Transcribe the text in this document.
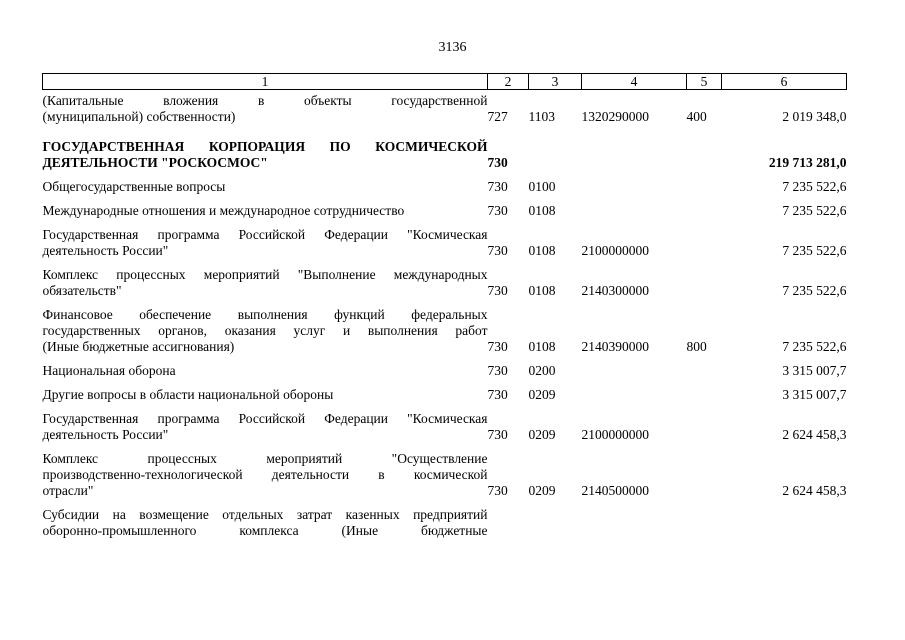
3136
1	2	3	4	5	6

(Капитальные вложения в объекты государственной
(муниципальной) собственности)	727	1103	1320290000	400	2 019 348,0

ГОСУДАРСТВЕННАЯ КОРПОРАЦИЯ ПО КОСМИЧЕСКОЙ
ДЕЯТЕЛЬНОСТИ "РОСКОСМОС"	730				219 713 281,0

Общегосударственные вопросы	730	0100			7 235 522,6

Международные отношения и международное сотрудничество	730	0108			7 235 522,6

Государственная программа Российской Федерации "Космическая
деятельность России"	730	0108	2100000000		7 235 522,6

Комплекс процессных мероприятий "Выполнение международных
обязательств"	730	0108	2140300000		7 235 522,6

Финансовое обеспечение выполнения функций федеральных
государственных органов, оказания услуг и выполнения работ
(Иные бюджетные ассигнования)	730	0108	2140390000	800	7 235 522,6

Национальная оборона	730	0200			3 315 007,7

Другие вопросы в области национальной обороны	730	0209			3 315 007,7

Государственная программа Российской Федерации "Космическая
деятельность России"	730	0209	2100000000		2 624 458,3

Комплекс процессных мероприятий "Осуществление
производственно-технологической деятельности в космической
отрасли"	730	0209	2140500000		2 624 458,3

Субсидии на возмещение отдельных затрат казенных предприятий
оборонно-промышленного комплекса (Иные бюджетные					
